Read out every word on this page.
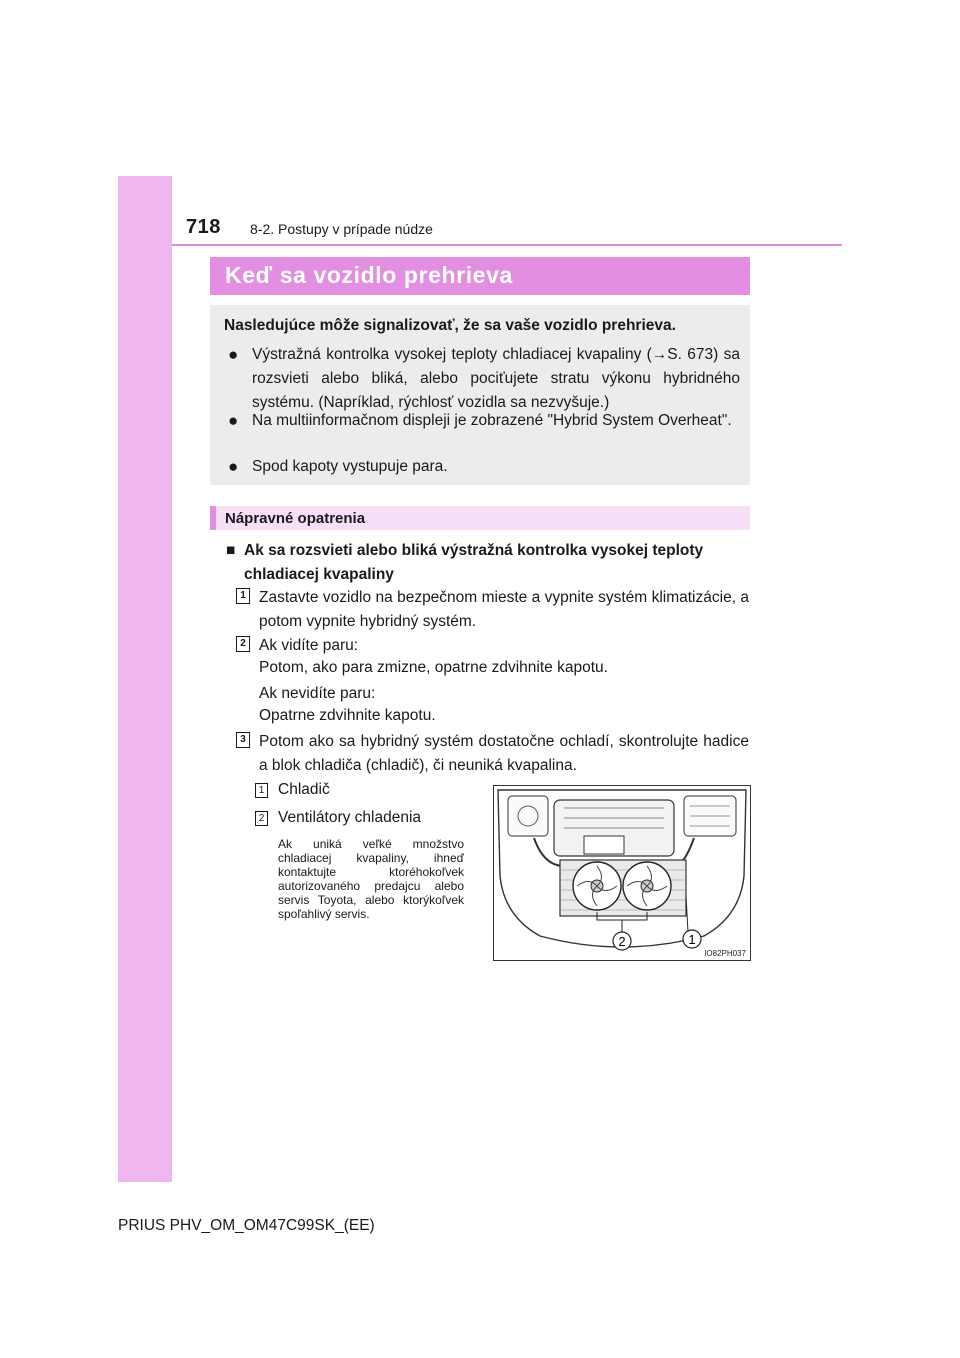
718 8-2. Postupy v prípade núdze
Keď sa vozidlo prehrieva
Nasledujúce môže signalizovať, že sa vaše vozidlo prehrieva.
● Výstražná kontrolka vysokej teploty chladiacej kvapaliny (→S. 673) sa rozsvieti alebo bliká, alebo pociťujete stratu výkonu hybridného systému. (Napríklad, rýchlosť vozidla sa nezvyšuje.)
● Na multiinformačnom displeji je zobrazené "Hybrid System Overheat".
● Spod kapoty vystupuje para.
Nápravné opatrenia
■ Ak sa rozsvieti alebo bliká výstražná kontrolka vysokej teploty chladiacej kvapaliny
1 Zastavte vozidlo na bezpečnom mieste a vypnite systém klimatizácie, a potom vypnite hybridný systém.
2 Ak vidíte paru:
Potom, ako para zmizne, opatrne zdvihnite kapotu.
Ak nevidíte paru:
Opatrne zdvihnite kapotu.
3 Potom ako sa hybridný systém dostatočne ochladí, skontrolujte hadice a blok chladiča (chladič), či neuniká kvapalina.
1 Chladič
2 Ventilátory chladenia
Ak uniká veľké množstvo chladiacej kvapaliny, ihneď kontaktujte ktoréhokoľvek autorizovaného predajcu alebo servis Toyota, alebo ktorýkoľvek spoľahlivý servis.
2	1
IO82PH037
PRIUS PHV_OM_OM47C99SK_(EE)
